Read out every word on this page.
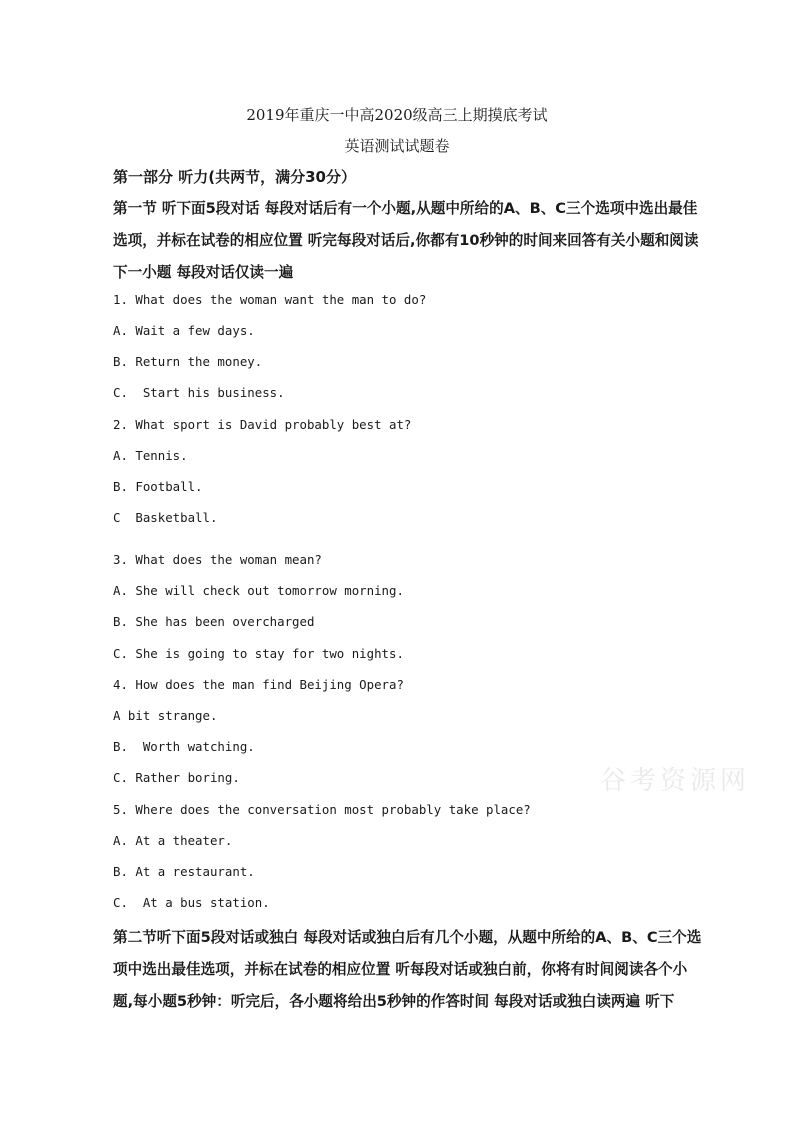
2019年重庆一中高2020级高三上期摸底考试
英语测试试题卷
第一部分 听力(共两节，满分30分）
第一节 听下面5段对话 每段对话后有一个小题,从题中所给的A、B、C三个选项中选出最佳
选项，并标在试卷的相应位置 听完每段对话后,你都有10秒钟的时间来回答有关小题和阅读
下一小题 每段对话仅读一遍
1. What does the woman want the man to do?
A. Wait a few days.
B. Return the money.
C.  Start his business.
2. What sport is David probably best at?
A. Tennis.
B. Football.
C  Basketball.
3. What does the woman mean?
A. She will check out tomorrow morning.
B. She has been overcharged
C. She is going to stay for two nights.
4. How does the man find Beijing Opera?
A bit strange.
B.  Worth watching.
C. Rather boring.
5. Where does the conversation most probably take place?
A. At a theater.
B. At a restaurant.
C.  At a bus station.
第二节听下面5段对话或独白 每段对话或独白后有几个小题，从题中所给的A、B、C三个选
项中选出最佳选项，并标在试卷的相应位置 听每段对话或独白前，你将有时间阅读各个小
题,每小题5秒钟：听完后，各小题将给出5秒钟的作答时间 每段对话或独白读两遍 听下
谷考资源网
